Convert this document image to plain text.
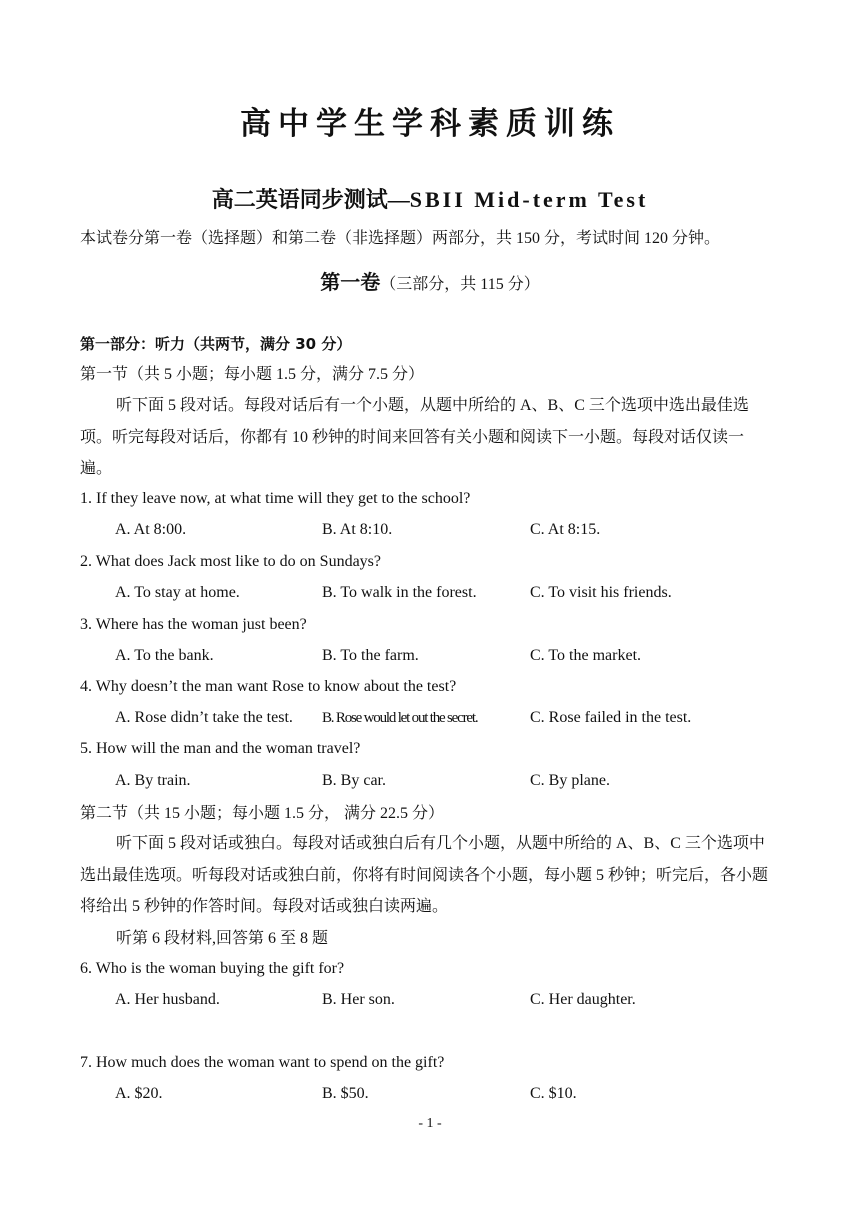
高中学生学科素质训练
高二英语同步测试—SBII Mid-term Test
本试卷分第一卷（选择题）和第二卷（非选择题）两部分，共 150 分，考试时间 120 分钟。
第一卷（三部分，共 115 分）
第一部分：听力（共两节，满分 30 分）
第一节（共 5 小题；每小题 1.5 分，满分 7.5 分）
听下面 5 段对话。每段对话后有一个小题，从题中所给的 A、B、C 三个选项中选出最佳选项。听完每段对话后，你都有 10 秒钟的时间来回答有关小题和阅读下一小题。每段对话仅读一遍。
1. If they leave now, at what time will they get to the school?
A. At 8:00.	B. At 8:10.	C. At 8:15.
2. What does Jack most like to do on Sundays?
A. To stay at home.	B. To walk in the forest.	C. To visit his friends.
3. Where has the woman just been?
A. To the bank.	B. To the farm.	C. To the market.
4. Why doesn’t the man want Rose to know about the test?
A. Rose didn’t take the test. B. Rose would let out the secret.	C. Rose failed in the test.
5. How will the man and the woman travel?
A. By train.	B. By car.	C. By plane.
第二节（共 15 小题；每小题 1.5 分， 满分 22.5 分）
听下面 5 段对话或独白。每段对话或独白后有几个小题，从题中所给的 A、B、C 三个选项中选出最佳选项。听每段对话或独白前，你将有时间阅读各个小题，每小题 5 秒钟；听完后，各小题将给出 5 秒钟的作答时间。每段对话或独白读两遍。
听第 6 段材料,回答第 6 至 8 题
6. Who is the woman buying the gift for?
A. Her husband.	B. Her son.	C. Her daughter.
7. How much does the woman want to spend on the gift?
A. $20.	B. $50.	C. $10.
- 1 -
